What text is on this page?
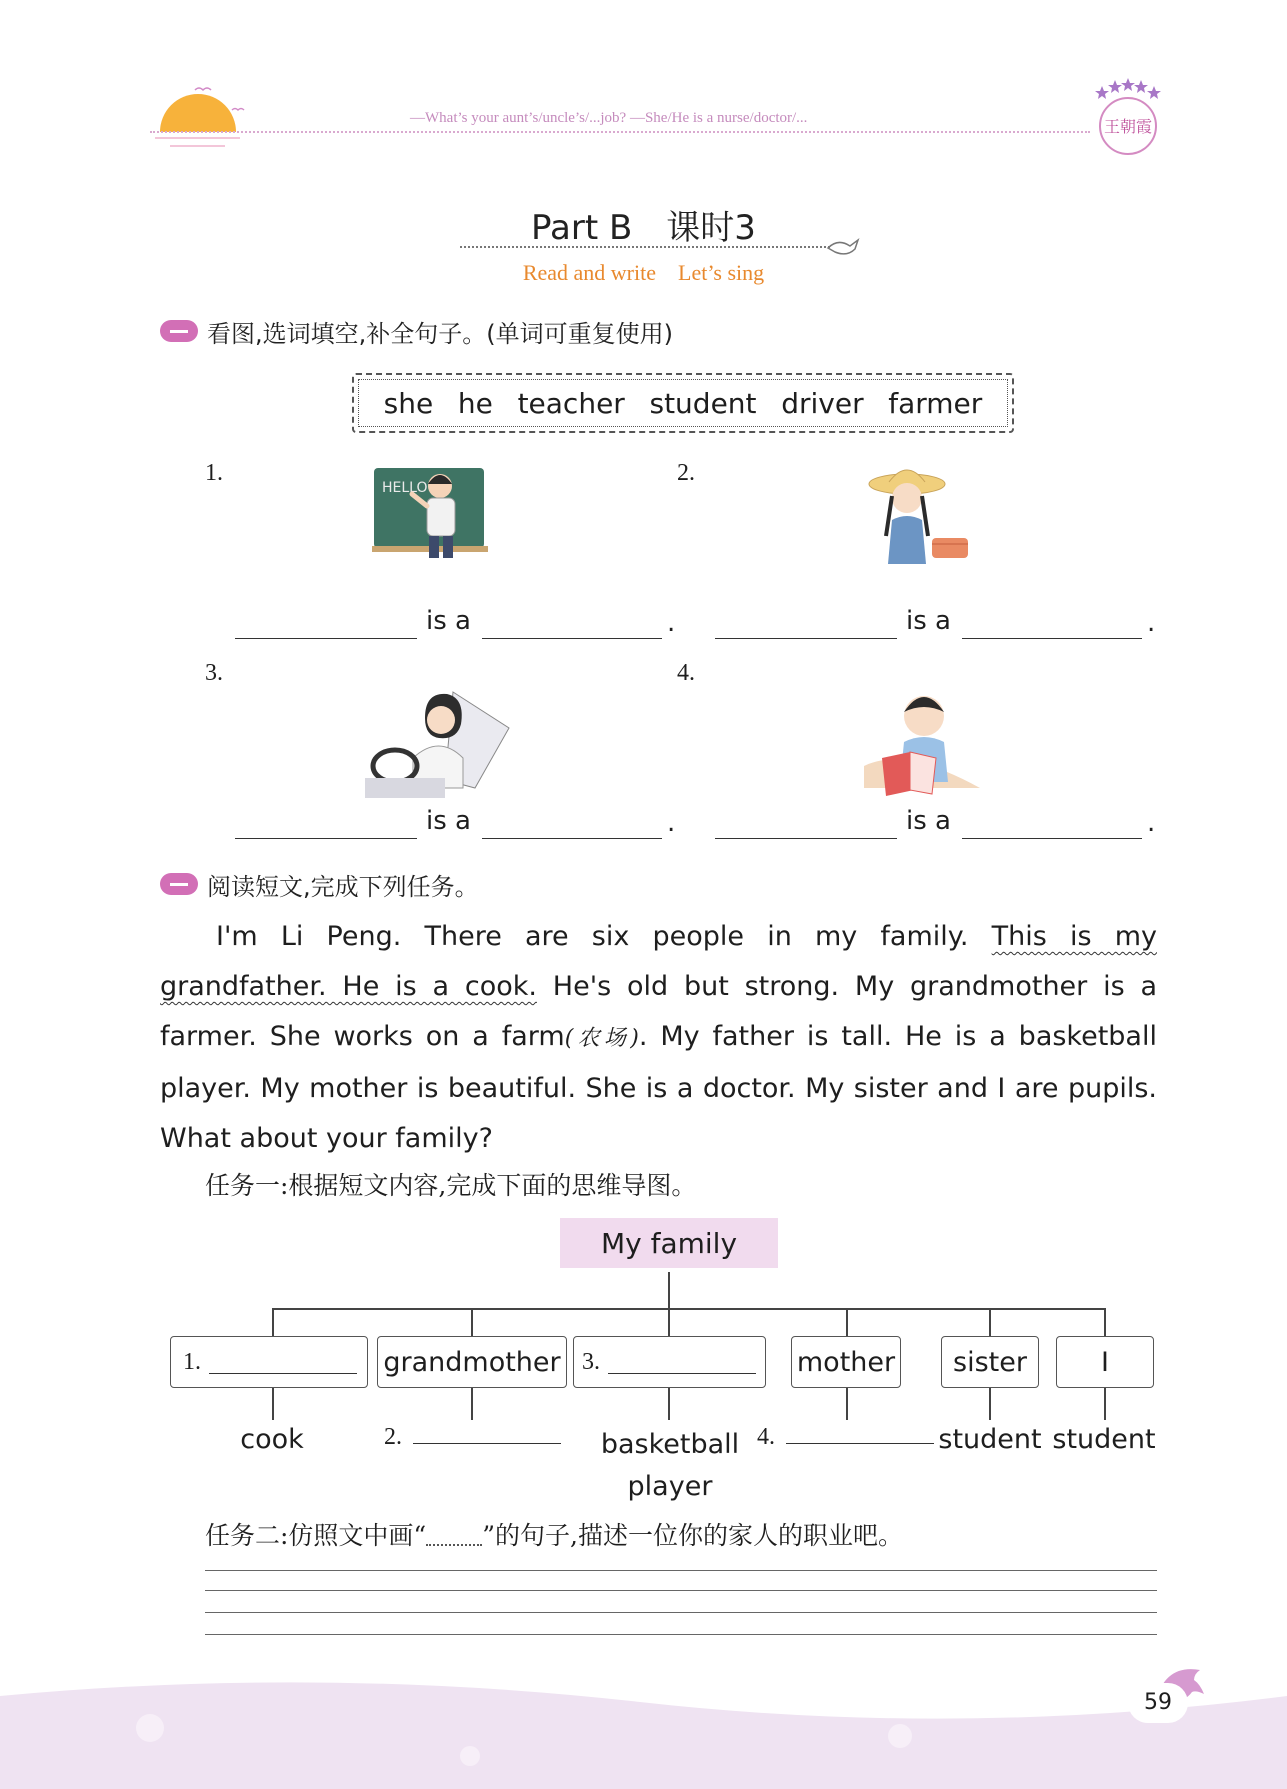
—What’s your aunt’s/uncle’s/...job? —She/He is a nurse/doctor/...	王朝霞
Part B　课时3
Read and write　Let’s sing
看图,选词填空,补全句子。(单词可重复使用)
she he teacher student driver farmer
1.
HELLO
is a	.
2.
is a	.
3.
is a	.
4.
is a	.
阅读短文,完成下列任务。
I'm Li Peng. There are six people in my family. This is my grandfather. He is a cook. He's old but strong. My grandmother is a farmer. She works on a farm(农场). My father is tall. He is a basketball player. My mother is beautiful. She is a doctor. My sister and I are pupils. What about your family?
任务一:根据短文内容,完成下面的思维导图。
My family
1.	grandmother 3.	mother	sister	I
cook	2.	basketball player
4.	student student
任务二:仿照文中画“ ”的句子,描述一位你的家人的职业吧。
59
